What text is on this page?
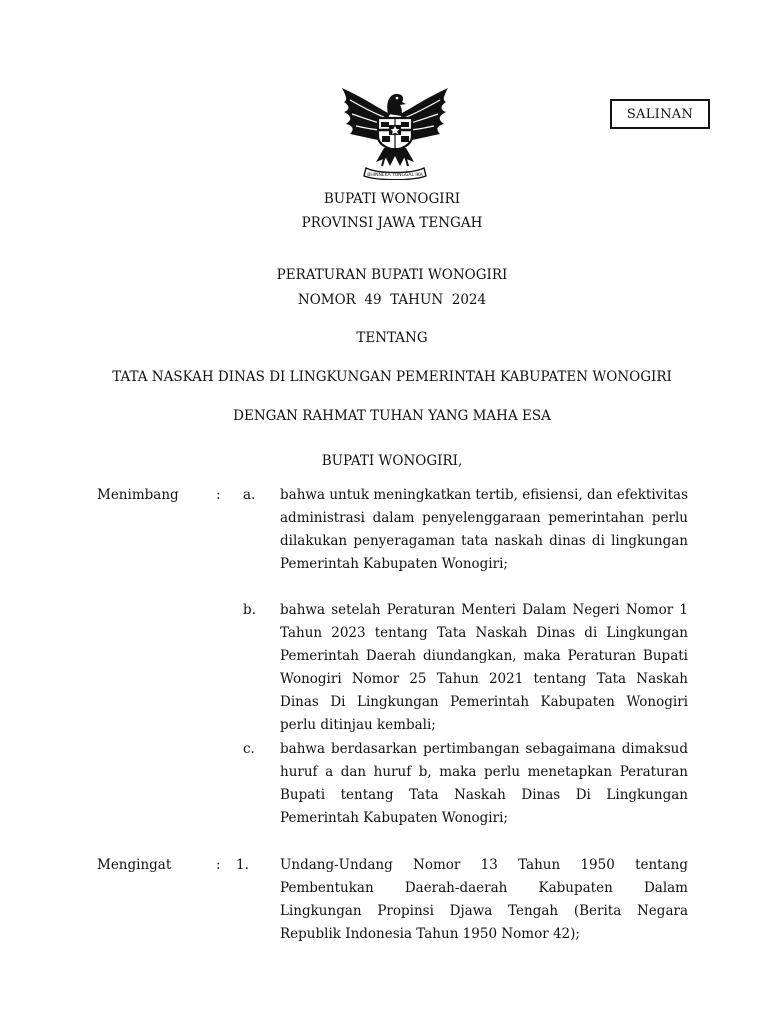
BHINNEKA TUNGGAL IKA
SALINAN
BUPATI WONOGIRI
PROVINSI JAWA TENGAH
PERATURAN BUPATI WONOGIRI
NOMOR  49  TAHUN  2024
TENTANG
TATA NASKAH DINAS DI LINGKUNGAN PEMERINTAH KABUPATEN WONOGIRI
DENGAN RAHMAT TUHAN YANG MAHA ESA
BUPATI WONOGIRI,
Menimbang	: a. bahwa untuk meningkatkan tertib, efisiensi, dan efektivitas administrasi dalam penyelenggaraan pemerintahan perlu dilakukan penyeragaman tata naskah dinas di lingkungan Pemerintah Kabupaten Wonogiri;
b. bahwa setelah Peraturan Menteri Dalam Negeri Nomor 1 Tahun 2023 tentang Tata Naskah Dinas di Lingkungan Pemerintah Daerah diundangkan, maka Peraturan Bupati Wonogiri Nomor 25 Tahun 2021 tentang Tata Naskah Dinas Di Lingkungan Pemerintah Kabupaten Wonogiri perlu ditinjau kembali;
c. bahwa berdasarkan pertimbangan sebagaimana dimaksud huruf a dan huruf b, maka perlu menetapkan Peraturan Bupati tentang Tata Naskah Dinas Di Lingkungan Pemerintah Kabupaten Wonogiri;
Mengingat	: 1. Undang-Undang Nomor 13 Tahun 1950 tentang Pembentukan Daerah-daerah Kabupaten Dalam Lingkungan Propinsi Djawa Tengah (Berita Negara Republik Indonesia Tahun 1950 Nomor 42);
